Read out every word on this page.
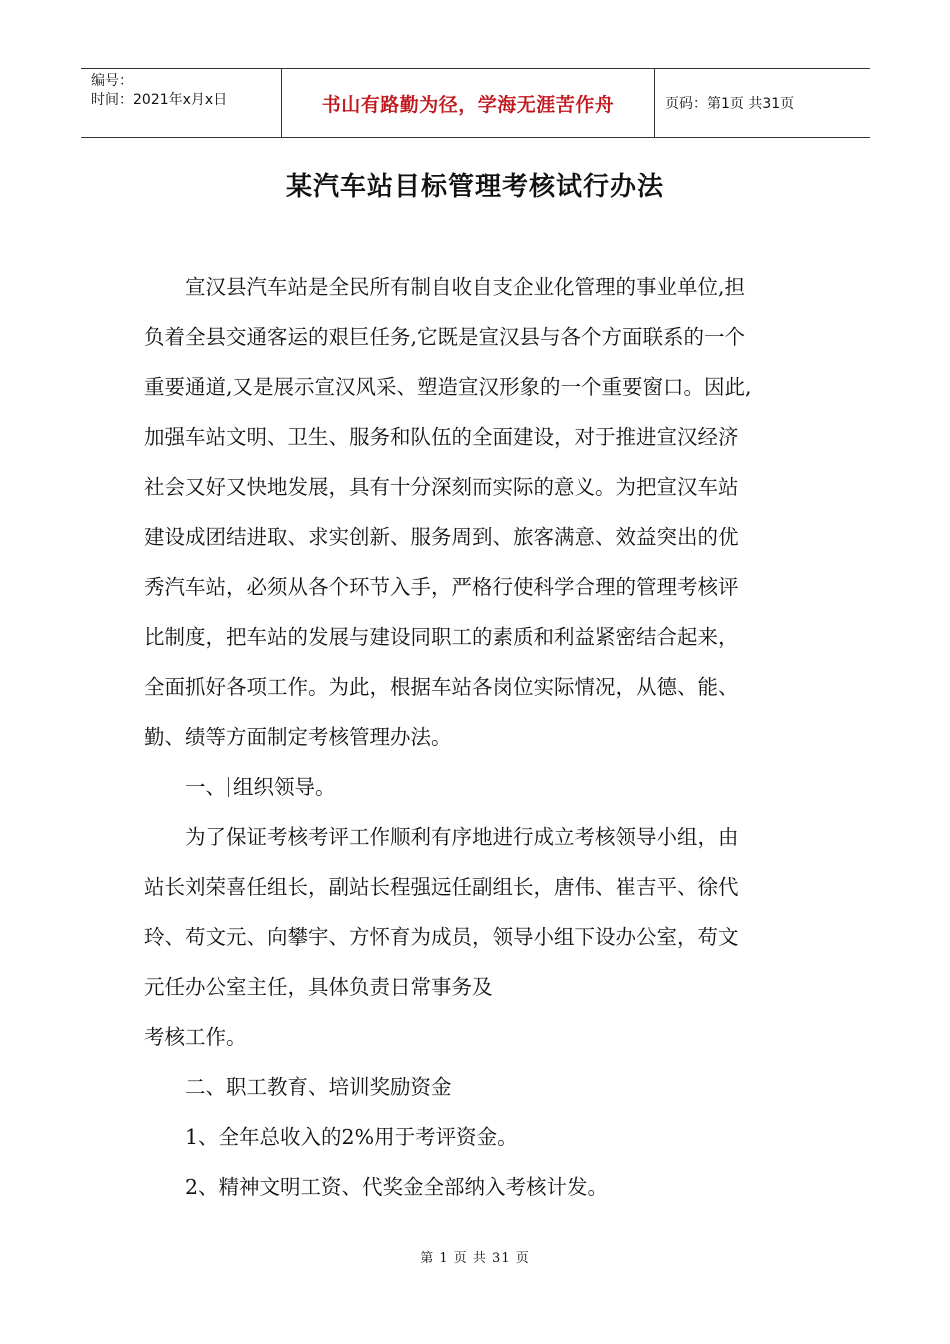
编号：
时间：2021年x月x日	书山有路勤为径，学海无涯苦作舟	页码：第1页 共31页
某汽车站目标管理考核试行办法

宣汉县汽车站是全民所有制自收自支企业化管理的事业单位,担

负着全县交通客运的艰巨任务,它既是宣汉县与各个方面联系的一个

重要通道,又是展示宣汉风采、塑造宣汉形象的一个重要窗口。因此,

加强车站文明、卫生、服务和队伍的全面建设，对于推进宣汉经济

社会又好又快地发展，具有十分深刻而实际的意义。为把宣汉车站

建设成团结进取、求实创新、服务周到、旅客满意、效益突出的优

秀汽车站，必须从各个环节入手，严格行使科学合理的管理考核评

比制度，把车站的发展与建设同职工的素质和利益紧密结合起来，

全面抓好各项工作。为此，根据车站各岗位实际情况，从德、能、

勤、绩等方面制定考核管理办法。

一、 组织领导。

为了保证考核考评工作顺利有序地进行成立考核领导小组，由

站长刘荣喜任组长，副站长程强远任副组长，唐伟、崔吉平、徐代

玲、苟文元、向攀宇、方怀育为成员，领导小组下设办公室，苟文

元任办公室主任，具体负责日常事务及

考核工作。

二、职工教育、培训奖励资金

1、全年总收入的2%用于考评资金。

2、精神文明工资、代奖金全部纳入考核计发。

第 1 页 共 31 页
